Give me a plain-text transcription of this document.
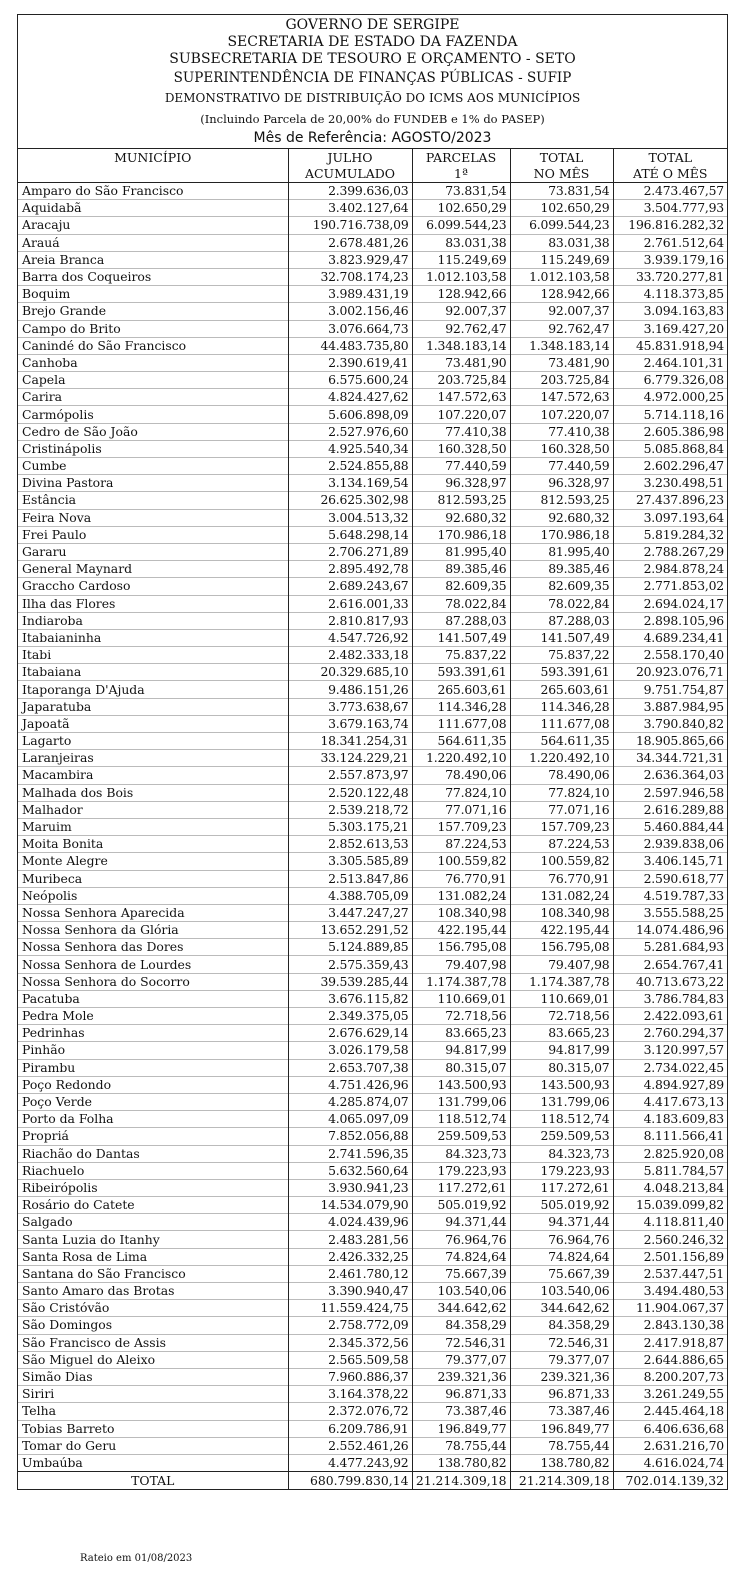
GOVERNO DE SERGIPE
SECRETARIA DE ESTADO DA FAZENDA
SUBSECRETARIA DE TESOURO E ORÇAMENTO - SETO
SUPERINTENDÊNCIA DE FINANÇAS PÚBLICAS - SUFIP
DEMONSTRATIVO DE DISTRIBUIÇÃO DO ICMS AOS MUNICÍPIOS
(Incluindo Parcela de 20,00% do FUNDEB e 1% do PASEP)
Mês de Referência: AGOSTO/2023
MUNICÍPIO	JULHO	PARCELAS	TOTAL	TOTAL
	ACUMULADO	1ª	NO MÊS	ATÉ O MÊS
Amparo do São Francisco	2.399.636,03	73.831,54	73.831,54	2.473.467,57
Aquidabã	3.402.127,64	102.650,29	102.650,29	3.504.777,93
Aracaju	190.716.738,09	6.099.544,23	6.099.544,23	196.816.282,32
Arauá	2.678.481,26	83.031,38	83.031,38	2.761.512,64
Areia Branca	3.823.929,47	115.249,69	115.249,69	3.939.179,16
Barra dos Coqueiros	32.708.174,23	1.012.103,58	1.012.103,58	33.720.277,81
Boquim	3.989.431,19	128.942,66	128.942,66	4.118.373,85
Brejo Grande	3.002.156,46	92.007,37	92.007,37	3.094.163,83
Campo do Brito	3.076.664,73	92.762,47	92.762,47	3.169.427,20
Canindé do São Francisco	44.483.735,80	1.348.183,14	1.348.183,14	45.831.918,94
Canhoba	2.390.619,41	73.481,90	73.481,90	2.464.101,31
Capela	6.575.600,24	203.725,84	203.725,84	6.779.326,08
Carira	4.824.427,62	147.572,63	147.572,63	4.972.000,25
Carmópolis	5.606.898,09	107.220,07	107.220,07	5.714.118,16
Cedro de São João	2.527.976,60	77.410,38	77.410,38	2.605.386,98
Cristinápolis	4.925.540,34	160.328,50	160.328,50	5.085.868,84
Cumbe	2.524.855,88	77.440,59	77.440,59	2.602.296,47
Divina Pastora	3.134.169,54	96.328,97	96.328,97	3.230.498,51
Estância	26.625.302,98	812.593,25	812.593,25	27.437.896,23
Feira Nova	3.004.513,32	92.680,32	92.680,32	3.097.193,64
Frei Paulo	5.648.298,14	170.986,18	170.986,18	5.819.284,32
Gararu	2.706.271,89	81.995,40	81.995,40	2.788.267,29
General Maynard	2.895.492,78	89.385,46	89.385,46	2.984.878,24
Graccho Cardoso	2.689.243,67	82.609,35	82.609,35	2.771.853,02
Ilha das Flores	2.616.001,33	78.022,84	78.022,84	2.694.024,17
Indiaroba	2.810.817,93	87.288,03	87.288,03	2.898.105,96
Itabaianinha	4.547.726,92	141.507,49	141.507,49	4.689.234,41
Itabi	2.482.333,18	75.837,22	75.837,22	2.558.170,40
Itabaiana	20.329.685,10	593.391,61	593.391,61	20.923.076,71
Itaporanga D'Ajuda	9.486.151,26	265.603,61	265.603,61	9.751.754,87
Japaratuba	3.773.638,67	114.346,28	114.346,28	3.887.984,95
Japoatã	3.679.163,74	111.677,08	111.677,08	3.790.840,82
Lagarto	18.341.254,31	564.611,35	564.611,35	18.905.865,66
Laranjeiras	33.124.229,21	1.220.492,10	1.220.492,10	34.344.721,31
Macambira	2.557.873,97	78.490,06	78.490,06	2.636.364,03
Malhada dos Bois	2.520.122,48	77.824,10	77.824,10	2.597.946,58
Malhador	2.539.218,72	77.071,16	77.071,16	2.616.289,88
Maruim	5.303.175,21	157.709,23	157.709,23	5.460.884,44
Moita Bonita	2.852.613,53	87.224,53	87.224,53	2.939.838,06
Monte Alegre	3.305.585,89	100.559,82	100.559,82	3.406.145,71
Muribeca	2.513.847,86	76.770,91	76.770,91	2.590.618,77
Neópolis	4.388.705,09	131.082,24	131.082,24	4.519.787,33
Nossa Senhora Aparecida	3.447.247,27	108.340,98	108.340,98	3.555.588,25
Nossa Senhora da Glória	13.652.291,52	422.195,44	422.195,44	14.074.486,96
Nossa Senhora das Dores	5.124.889,85	156.795,08	156.795,08	5.281.684,93
Nossa Senhora de Lourdes	2.575.359,43	79.407,98	79.407,98	2.654.767,41
Nossa Senhora do Socorro	39.539.285,44	1.174.387,78	1.174.387,78	40.713.673,22
Pacatuba	3.676.115,82	110.669,01	110.669,01	3.786.784,83
Pedra Mole	2.349.375,05	72.718,56	72.718,56	2.422.093,61
Pedrinhas	2.676.629,14	83.665,23	83.665,23	2.760.294,37
Pinhão	3.026.179,58	94.817,99	94.817,99	3.120.997,57
Pirambu	2.653.707,38	80.315,07	80.315,07	2.734.022,45
Poço Redondo	4.751.426,96	143.500,93	143.500,93	4.894.927,89
Poço Verde	4.285.874,07	131.799,06	131.799,06	4.417.673,13
Porto da Folha	4.065.097,09	118.512,74	118.512,74	4.183.609,83
Propriá	7.852.056,88	259.509,53	259.509,53	8.111.566,41
Riachão do Dantas	2.741.596,35	84.323,73	84.323,73	2.825.920,08
Riachuelo	5.632.560,64	179.223,93	179.223,93	5.811.784,57
Ribeirópolis	3.930.941,23	117.272,61	117.272,61	4.048.213,84
Rosário do Catete	14.534.079,90	505.019,92	505.019,92	15.039.099,82
Salgado	4.024.439,96	94.371,44	94.371,44	4.118.811,40
Santa Luzia do Itanhy	2.483.281,56	76.964,76	76.964,76	2.560.246,32
Santa Rosa de Lima	2.426.332,25	74.824,64	74.824,64	2.501.156,89
Santana do São Francisco	2.461.780,12	75.667,39	75.667,39	2.537.447,51
Santo Amaro das Brotas	3.390.940,47	103.540,06	103.540,06	3.494.480,53
São Cristóvão	11.559.424,75	344.642,62	344.642,62	11.904.067,37
São Domingos	2.758.772,09	84.358,29	84.358,29	2.843.130,38
São Francisco de Assis	2.345.372,56	72.546,31	72.546,31	2.417.918,87
São Miguel do Aleixo	2.565.509,58	79.377,07	79.377,07	2.644.886,65
Simão Dias	7.960.886,37	239.321,36	239.321,36	8.200.207,73
Siriri	3.164.378,22	96.871,33	96.871,33	3.261.249,55
Telha	2.372.076,72	73.387,46	73.387,46	2.445.464,18
Tobias Barreto	6.209.786,91	196.849,77	196.849,77	6.406.636,68
Tomar do Geru	2.552.461,26	78.755,44	78.755,44	2.631.216,70
Umbaúba	4.477.243,92	138.780,82	138.780,82	4.616.024,74
TOTAL	680.799.830,14	21.214.309,18	21.214.309,18	702.014.139,32
Rateio em 01/08/2023
